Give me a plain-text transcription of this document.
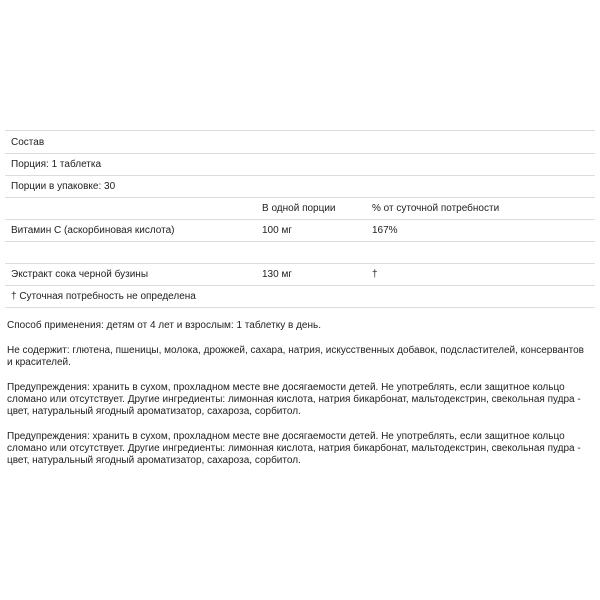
Состав		
Порция: 1 таблетка		
Порции в упаковке: 30		
	В одной порции	% от суточной потребности
Витамин С (аскорбиновая кислота)	100 мг	167%

Экстракт сока черной бузины	130 мг	†
† Суточная потребность не определена		

Способ применения: детям от 4 лет и взрослым: 1 таблетку в день.

Не содержит: глютена, пшеницы, молока, дрожжей, сахара, натрия, искусственных добавок, подсластителей, консервантов и красителей.

Предупреждения: хранить в сухом, прохладном месте вне досягаемости детей. Не употреблять, если защитное кольцо сломано или отсутствует. Другие ингредиенты: лимонная кислота, натрия бикарбонат, мальтодекстрин, свекольная пудра - цвет, натуральный ягодный ароматизатор, сахароза, сорбитол.

Предупреждения: хранить в сухом, прохладном месте вне досягаемости детей. Не употреблять, если защитное кольцо сломано или отсутствует. Другие ингредиенты: лимонная кислота, натрия бикарбонат, мальтодекстрин, свекольная пудра - цвет, натуральный ягодный ароматизатор, сахароза, сорбитол.
